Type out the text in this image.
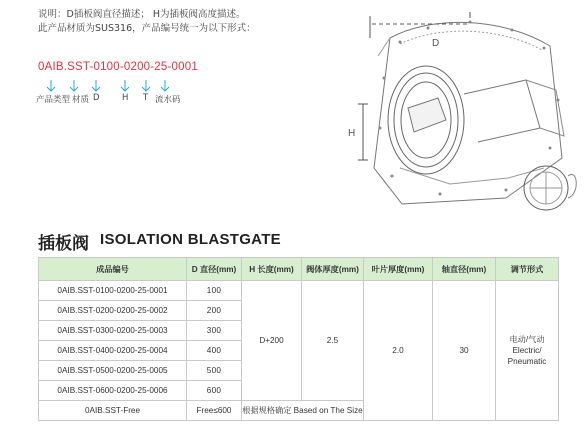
说明：D插板阀直径描述； H为插板阀高度描述。
此产品材质为SUS316，产品编号统一为以下形式：
0AIB.SST-0100-0200-25-0001
产品类型 材质 D	H T 流水码
D
H
插板阀 ISOLATION BLASTGATE
成品编号	D 直径(mm)	H 长度(mm)	阀体厚度(mm)	叶片厚度(mm)	轴直径(mm)	调节形式
0AIB.SST-0100-0200-25-0001	100	D+200	2.5	2.0	30	电动/气动 Electric/ Pneumatic
0AIB.SST-0200-0200-25-0002	200					
0AIB.SST-0300-0200-25-0003	300					
0AIB.SST-0400-0200-25-0004	400					
0AIB.SST-0500-0200-25-0005	500					
0AIB.SST-0600-0200-25-0006	600					
0AIB.SST-Free	Free≤600	根据规格确定 Based on The Size				
